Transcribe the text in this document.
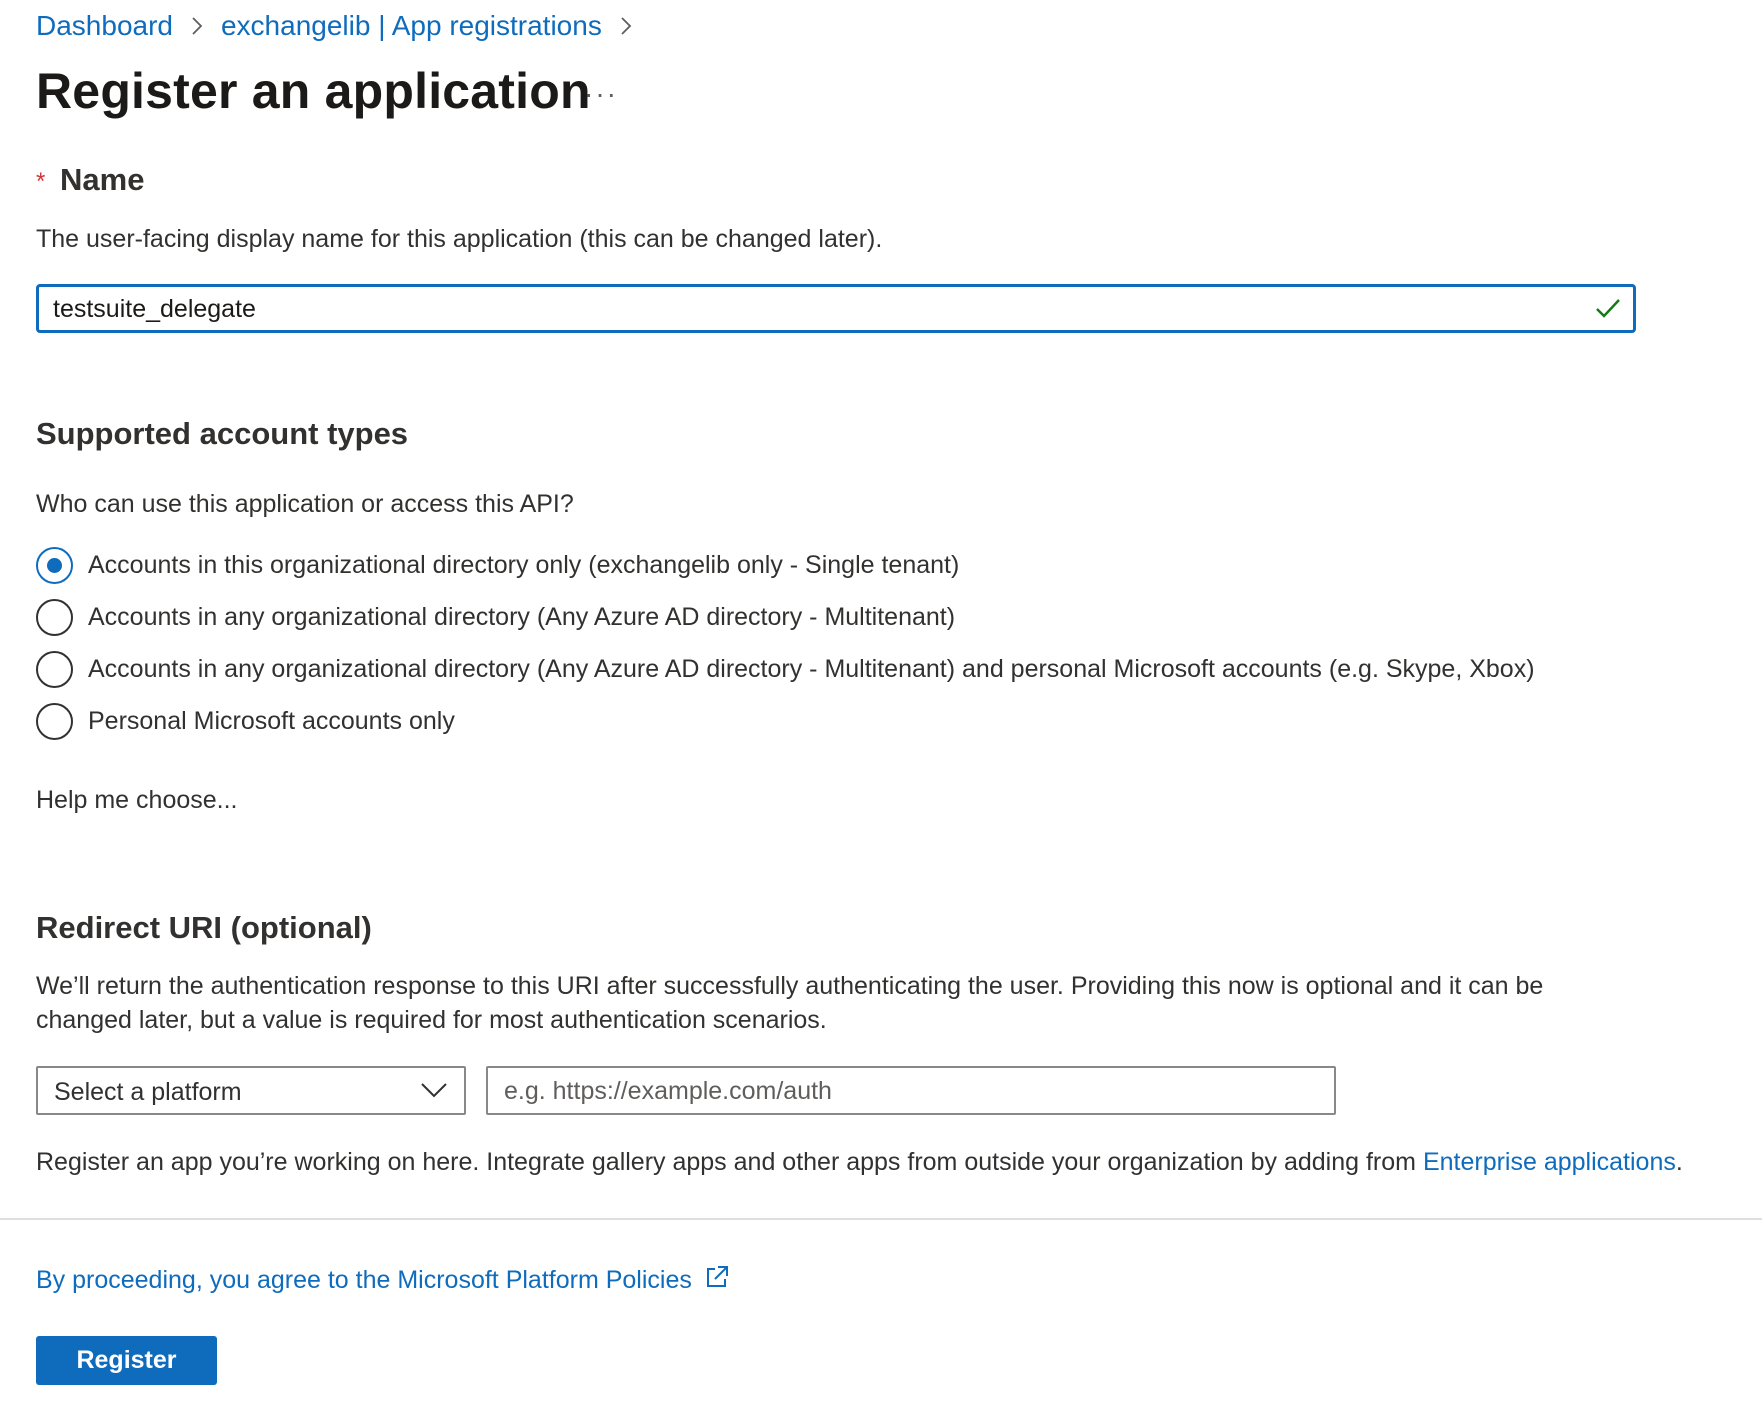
Dashboard exchangelib | App registrations
Register an application
···
* Name

The user-facing display name for this application (this can be changed later).

testsuite_delegate
Supported account types

Who can use this application or access this API?

Accounts in this organizational directory only (exchangelib only - Single tenant)
Accounts in any organizational directory (Any Azure AD directory - Multitenant)
Accounts in any organizational directory (Any Azure AD directory - Multitenant) and personal Microsoft accounts (e.g. Skype, Xbox)
Personal Microsoft accounts only
Help me choose...
Redirect URI (optional)

We’ll return the authentication response to this URI after successfully authenticating the user. Providing this now is optional and it can be

changed later, but a value is required for most authentication scenarios.

Select a platform
e.g. https://example.com/auth

Register an app you’re working on here. Integrate gallery apps and other apps from outside your organization by adding from Enterprise applications.

By proceeding, you agree to the Microsoft Platform Policies
Register
